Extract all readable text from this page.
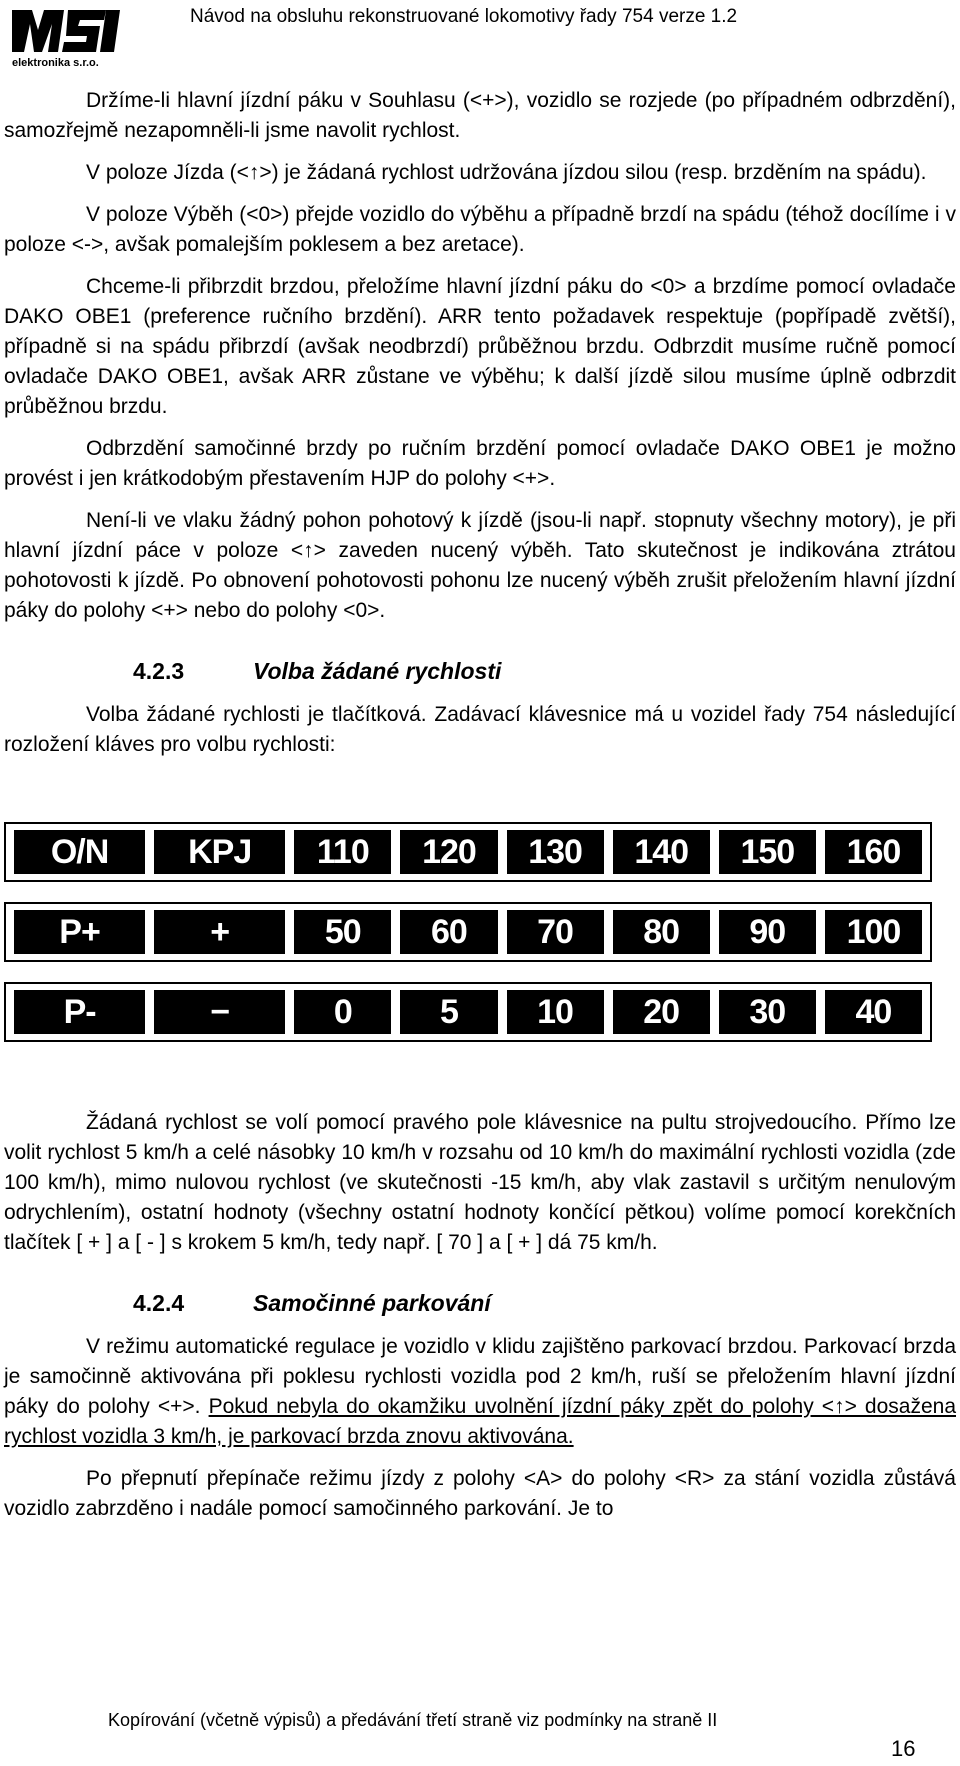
elektronika s.r.o.
Návod na obsluhu rekonstruované lokomotivy řady 754 verze 1.2

Držíme-li hlavní jízdní páku v Souhlasu (<+>), vozidlo se rozjede (po případném odbrzdění), samozřejmě nezapomněli-li jsme navolit rychlost.

V poloze Jízda (<↑>) je žádaná rychlost udržována jízdou silou (resp. brzděním na spádu).

V poloze Výběh (<0>) přejde vozidlo do výběhu a případně brzdí na spádu (téhož docílíme i v poloze <->, avšak pomalejším poklesem a bez aretace).

Chceme-li přibrzdit brzdou, přeložíme hlavní jízdní páku do <0> a brzdíme pomocí ovladače DAKO OBE1 (preference ručního brzdění). ARR tento požadavek respektuje (popřípadě zvětší), případně si na spádu přibrzdí (avšak neodbrzdí) průběžnou brzdu. Odbrzdit musíme ručně pomocí ovladače DAKO OBE1, avšak ARR zůstane ve výběhu; k další jízdě silou musíme úplně odbrzdit průběžnou brzdu.

Odbrzdění samočinné brzdy po ručním brzdění pomocí ovladače DAKO OBE1 je možno provést i jen krátkodobým přestavením HJP do polohy <+>.

Není-li ve vlaku žádný pohon pohotový k jízdě (jsou-li např. stopnuty všechny motory), je při hlavní jízdní páce v poloze <↑> zaveden nucený výběh. Tato skutečnost je indikována ztrátou pohotovosti k jízdě. Po obnovení pohotovosti pohonu lze nucený výběh zrušit přeložením hlavní jízdní páky do polohy <+> nebo do polohy <0>.

4.2.3	Volba žádané rychlosti

Volba žádané rychlosti je tlačítková. Zadávací klávesnice má u vozidel řady 754 následující rozložení kláves pro volbu rychlosti:

O/N	KPJ	110	120	130	140	150	160
P+	+	50	60	70	80	90	100
P-	−	0	5	10	20	30	40

Žádaná rychlost se volí pomocí pravého pole klávesnice na pultu strojvedoucího. Přímo lze volit rychlost 5 km/h a celé násobky 10 km/h v rozsahu od 10 km/h do maximální rychlosti vozidla (zde 100 km/h), mimo nulovou rychlost (ve skutečnosti -15 km/h, aby vlak zastavil s určitým nenulovým odrychlením), ostatní hodnoty (všechny ostatní hodnoty končící pětkou) volíme pomocí korekčních tlačítek [ + ] a [ - ] s krokem 5 km/h, tedy např. [ 70 ] a [ + ] dá 75 km/h.

4.2.4	Samočinné parkování

V režimu automatické regulace je vozidlo v klidu zajištěno parkovací brzdou. Parkovací brzda je samočinně aktivována při poklesu rychlosti vozidla pod 2 km/h, ruší se přeložením hlavní jízdní páky do polohy <+>. Pokud nebyla do okamžiku uvolnění jízdní páky zpět do polohy <↑> dosažena rychlost vozidla 3 km/h, je parkovací brzda znovu aktivována.

Po přepnutí přepínače režimu jízdy z polohy <A> do polohy <R> za stání vozidla zůstává vozidlo zabrzděno i nadále pomocí samočinného parkování. Je to

Kopírování (včetně výpisů) a předávání třetí straně viz podmínky na straně II
16
